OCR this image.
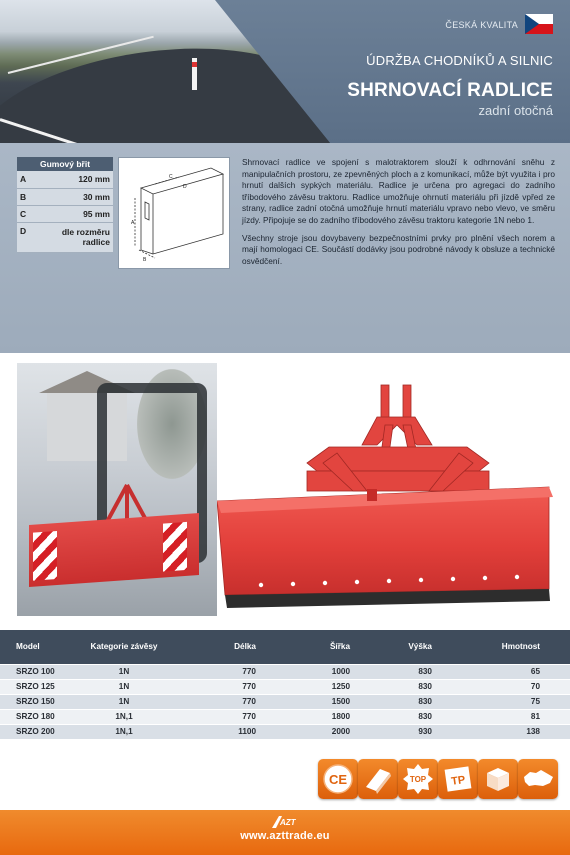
ČESKÁ KVALITA
ÚDRŽBA CHODNÍKŮ A SILNIC
SHRNOVACÍ RADLICE
zadní otočná
Gumový břit	
A	120 mm
B	30 mm
C	95 mm
D	dle rozměru radlice
C
A
B
D

Shrnovací radlice ve spojení s malotraktorem slouží k odhrnování sněhu z manipulačních prostoru, ze zpevněných ploch a z komunikací, může být využita i pro hrnutí dalších sypkých materiálu. Radlice je určena pro agregaci do zadního tříbodového závěsu traktoru. Radlice umožňuje ohrnutí materiálu při jízdě vpřed ze strany, radlice zadní otočná umožňuje hrnutí materiálu vpravo nebo vlevo, ve směru jízdy. Připojuje se do zadního tříbodového závěsu traktoru kategorie 1N nebo 1.

Všechny stroje jsou dovybaveny bezpečnostními prvky pro plnění všech norem a mají homologaci CE. Součástí dodávky jsou podrobné návody k obsluze a technické osvědčení.

Model	Kategorie závěsy	Délka	Šířka	Výška	Hmotnost
SRZO 100	1N	770	1000	830	65
SRZO 125	1N	770	1250	830	70
SRZO 150	1N	770	1500	830	75
SRZO 180	1N,1	770	1800	830	81
SRZO 200	1N,1	1100	2000	930	138
CE	TOP TP
AZT
www.azttrade.eu
